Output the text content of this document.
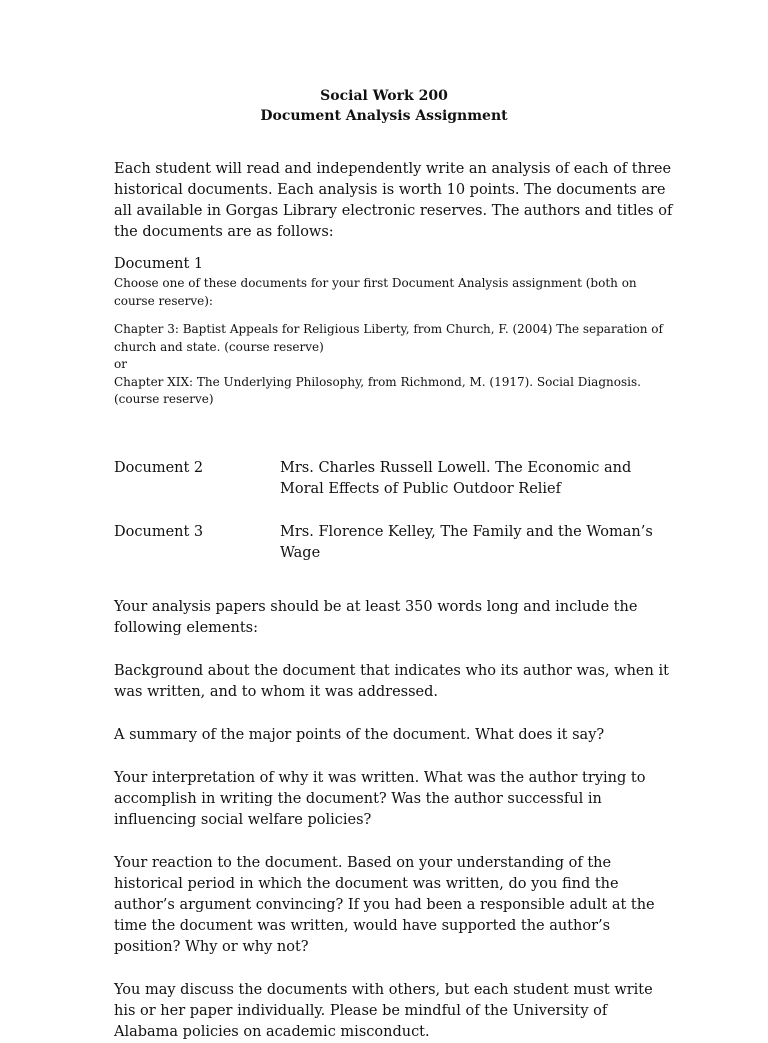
Social Work 200
Document Analysis Assignment

Each student will read and independently write an analysis of each of three historical documents. Each analysis is worth 10 points. The documents are all available in Gorgas Library electronic reserves. The authors and titles of the documents are as follows:

Document 1

Choose one of these documents for your first Document Analysis assignment (both on course reserve):

Chapter 3: Baptist Appeals for Religious Liberty, from Church, F. (2004) The separation of church and state. (course reserve)

or

Chapter XIX: The Underlying Philosophy, from Richmond, M. (1917). Social Diagnosis. (course reserve)

Document 2	Mrs. Charles Russell Lowell. The Economic and Moral Effects of Public Outdoor Relief
Document 3	Mrs. Florence Kelley, The Family and the Woman’s Wage

Your analysis papers should be at least 350 words long and include the following elements:

Background about the document that indicates who its author was, when it was written, and to whom it was addressed.

A summary of the major points of the document. What does it say?

Your interpretation of why it was written. What was the author trying to accomplish in writing the document? Was the author successful in influencing social welfare policies?

Your reaction to the document. Based on your understanding of the historical period in which the document was written, do you find the author’s argument convincing? If you had been a responsible adult at the time the document was written, would have supported the author’s position? Why or why not?

You may discuss the documents with others, but each student must write his or her paper individually. Please be mindful of the University of Alabama policies on academic misconduct.
